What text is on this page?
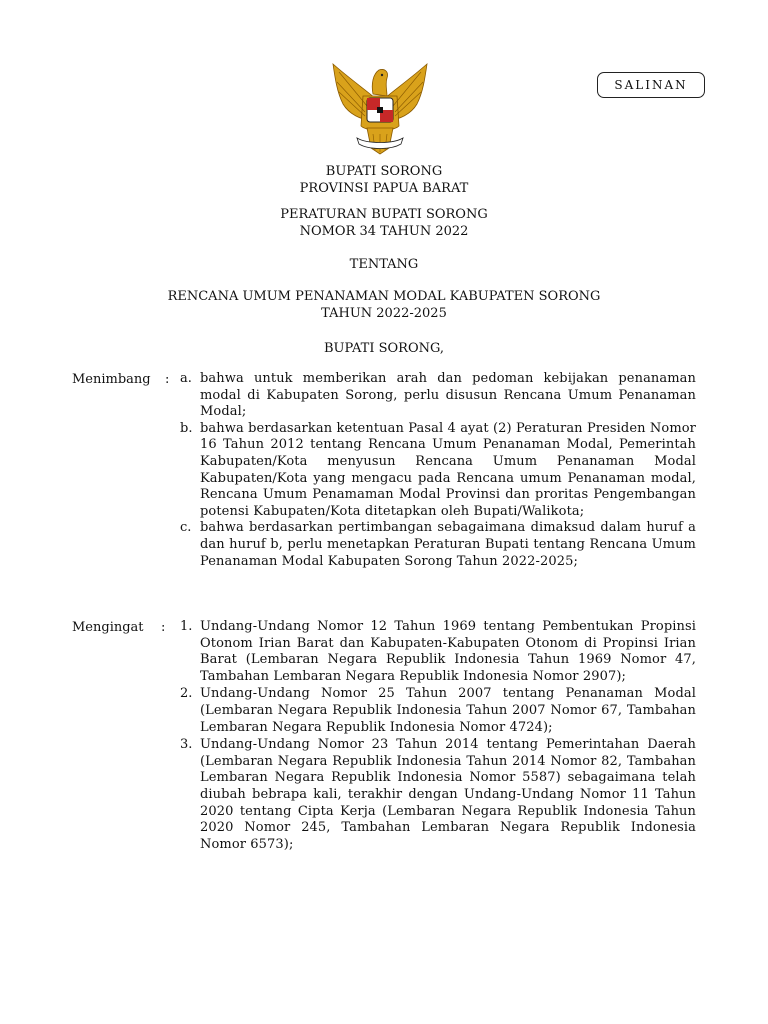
SALINAN
BUPATI SORONG
PROVINSI PAPUA BARAT
PERATURAN BUPATI SORONG
NOMOR 34 TAHUN 2022
TENTANG
RENCANA UMUM PENANAMAN MODAL KABUPATEN SORONG
TAHUN 2022-2025
BUPATI SORONG,
Menimbang : a. bahwa untuk memberikan arah dan pedoman kebijakan penanaman modal di Kabupaten Sorong, perlu disusun Rencana Umum Penanaman Modal;
b. bahwa berdasarkan ketentuan Pasal 4 ayat (2) Peraturan Presiden Nomor 16 Tahun 2012 tentang Rencana Umum Penanaman Modal, Pemerintah Kabupaten/Kota menyusun Rencana Umum Penanaman Modal Kabupaten/Kota yang mengacu pada Rencana umum Penanaman modal, Rencana Umum Penamaman Modal Provinsi dan proritas Pengembangan potensi Kabupaten/Kota ditetapkan oleh Bupati/Walikota;
c. bahwa berdasarkan pertimbangan sebagaimana dimaksud dalam huruf a dan huruf b, perlu menetapkan Peraturan Bupati tentang Rencana Umum Penanaman Modal Kabupaten Sorong Tahun 2022-2025;
Mengingat : 1. Undang-Undang Nomor 12 Tahun 1969 tentang Pembentukan Propinsi Otonom Irian Barat dan Kabupaten-Kabupaten Otonom di Propinsi Irian Barat (Lembaran Negara Republik Indonesia Tahun 1969 Nomor 47, Tambahan Lembaran Negara Republik Indonesia Nomor 2907);
2. Undang-Undang Nomor 25 Tahun 2007 tentang Penanaman Modal (Lembaran Negara Republik Indonesia Tahun 2007 Nomor 67, Tambahan Lembaran Negara Republik Indonesia Nomor 4724);
3. Undang-Undang Nomor 23 Tahun 2014 tentang Pemerintahan Daerah (Lembaran Negara Republik Indonesia Tahun 2014 Nomor 82, Tambahan Lembaran Negara Republik Indonesia Nomor 5587) sebagaimana telah diubah bebrapa kali, terakhir dengan Undang-Undang Nomor 11 Tahun 2020 tentang Cipta Kerja (Lembaran Negara Republik Indonesia Tahun 2020 Nomor 245, Tambahan Lembaran Negara Republik Indonesia Nomor 6573);
